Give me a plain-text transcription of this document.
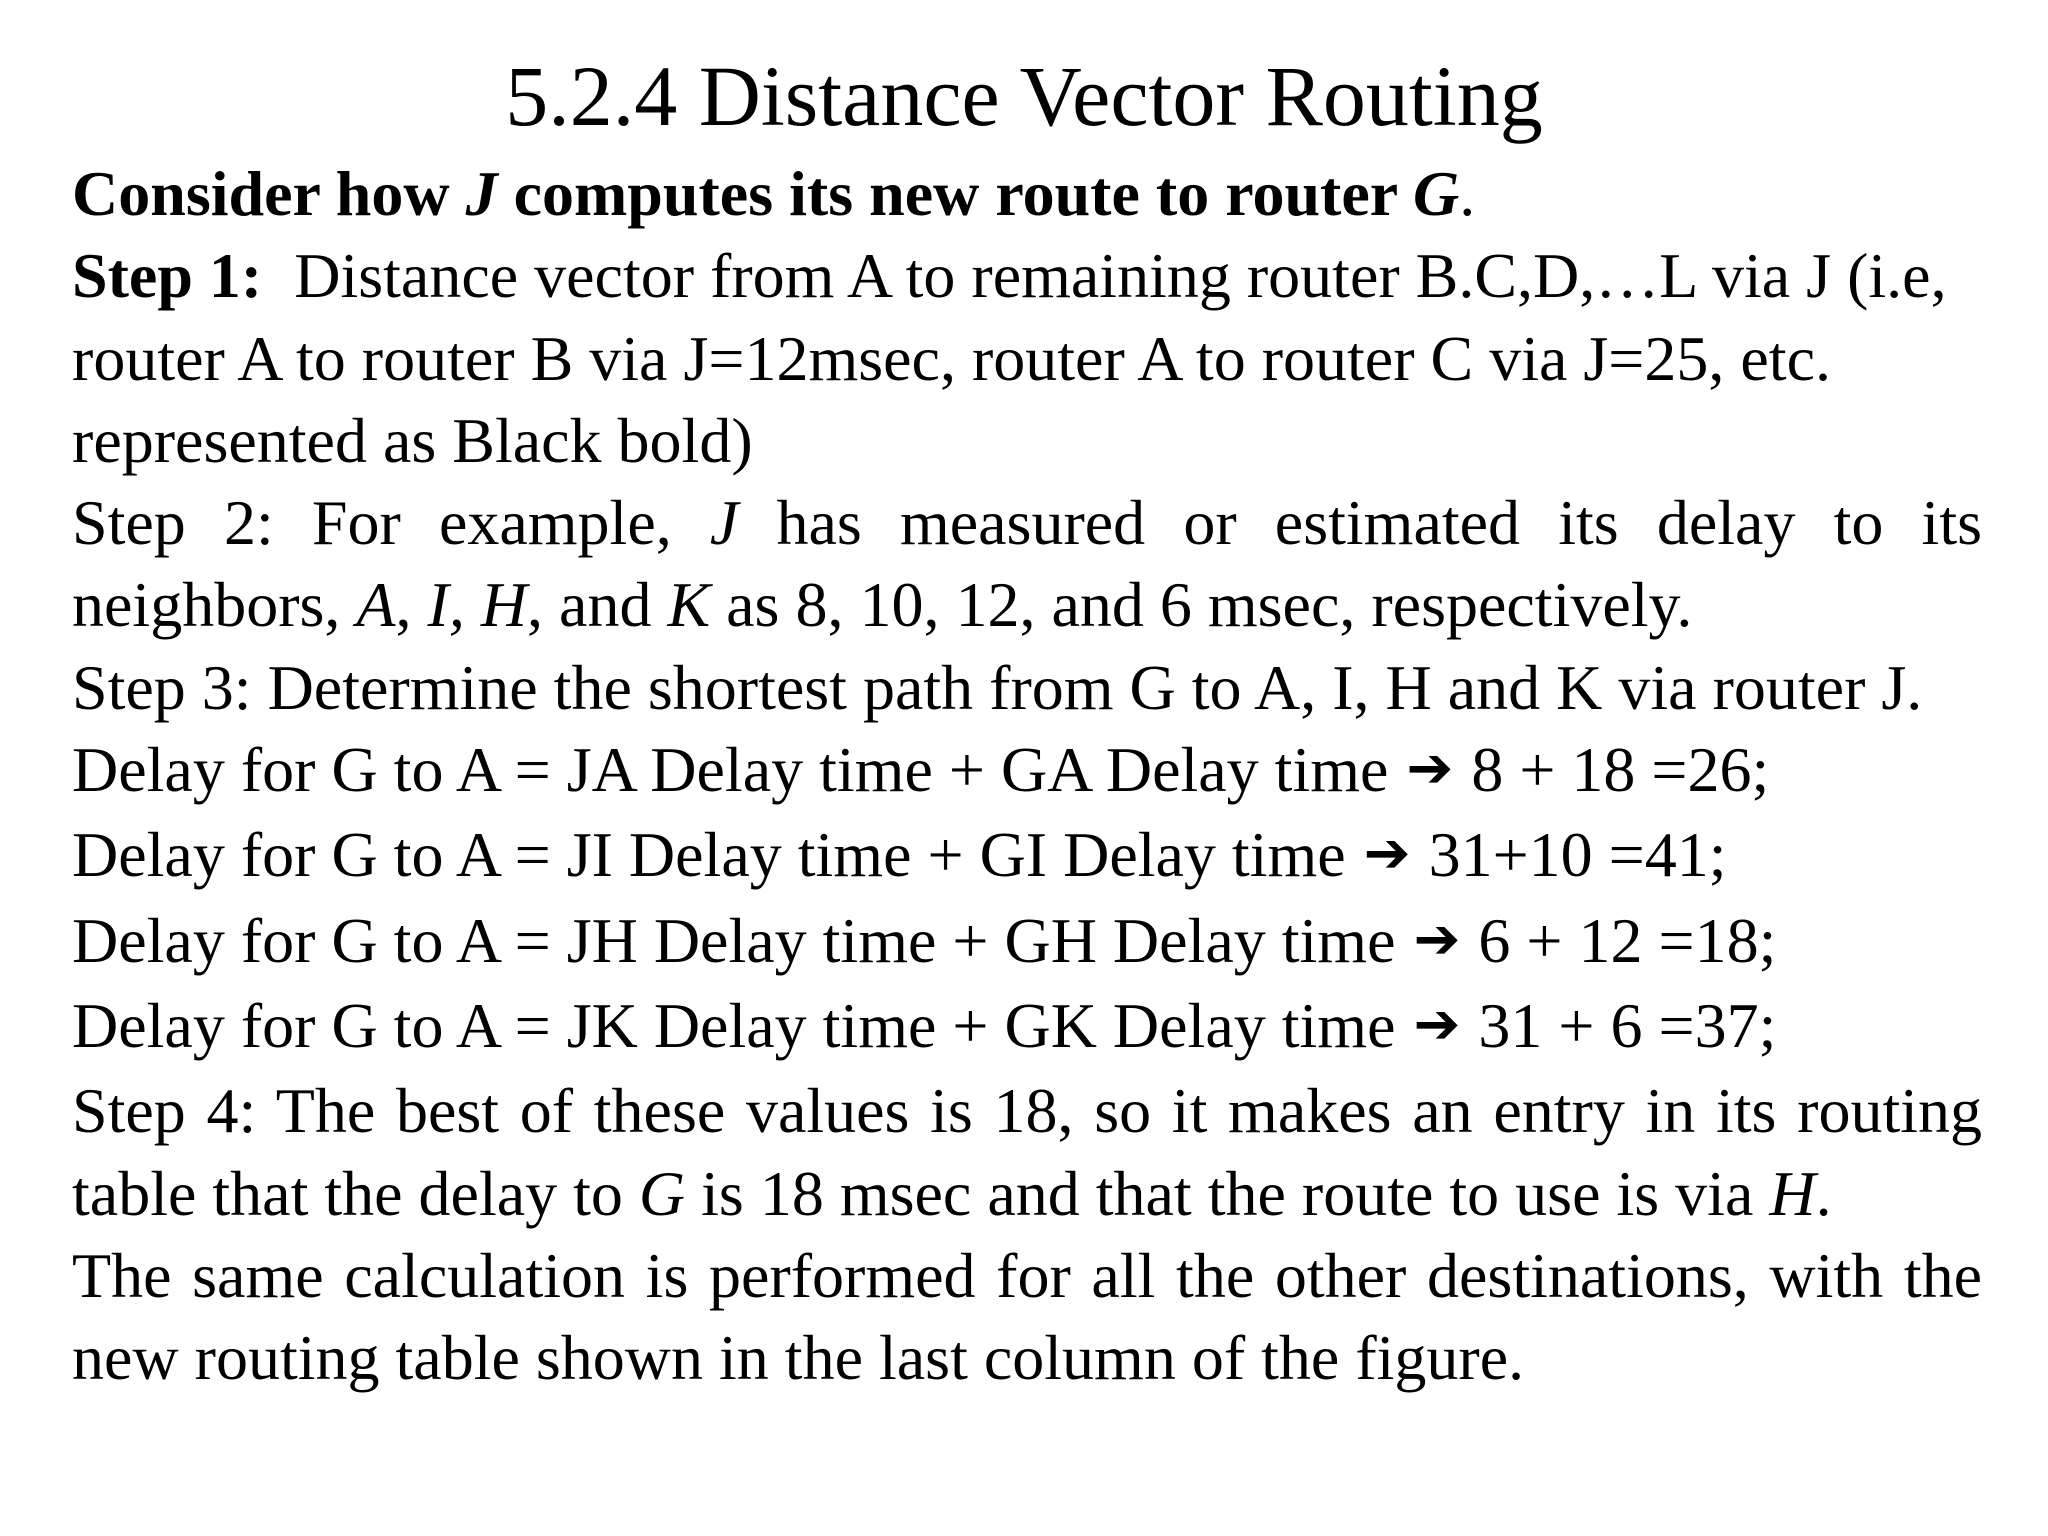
5.2.4 Distance Vector Routing

Consider how J computes its new route to router G.

Step 1:  Distance vector from A to remaining router B.C,D,…L via J (i.e, router A to router B via J=12msec, router A to router C via J=25, etc. represented as Black bold)

Step 2: For example, J has measured or estimated its delay to its neighbors, A, I, H, and K as 8, 10, 12, and 6 msec, respectively.

Step 3: Determine the shortest path from G to A, I, H and K via router J.

Delay for G to A = JA Delay time + GA Delay time ➔ 8 + 18 =26;

Delay for G to A = JI Delay time + GI Delay time ➔ 31+10 =41;

Delay for G to A = JH Delay time + GH Delay time ➔ 6 + 12 =18;

Delay for G to A = JK Delay time + GK Delay time ➔ 31 + 6 =37;

Step 4: The best of these values is 18, so it makes an entry in its routing table that the delay to G is 18 msec and that the route to use is via H.

The same calculation is performed for all the other destinations, with the new routing table shown in the last column of the figure.
